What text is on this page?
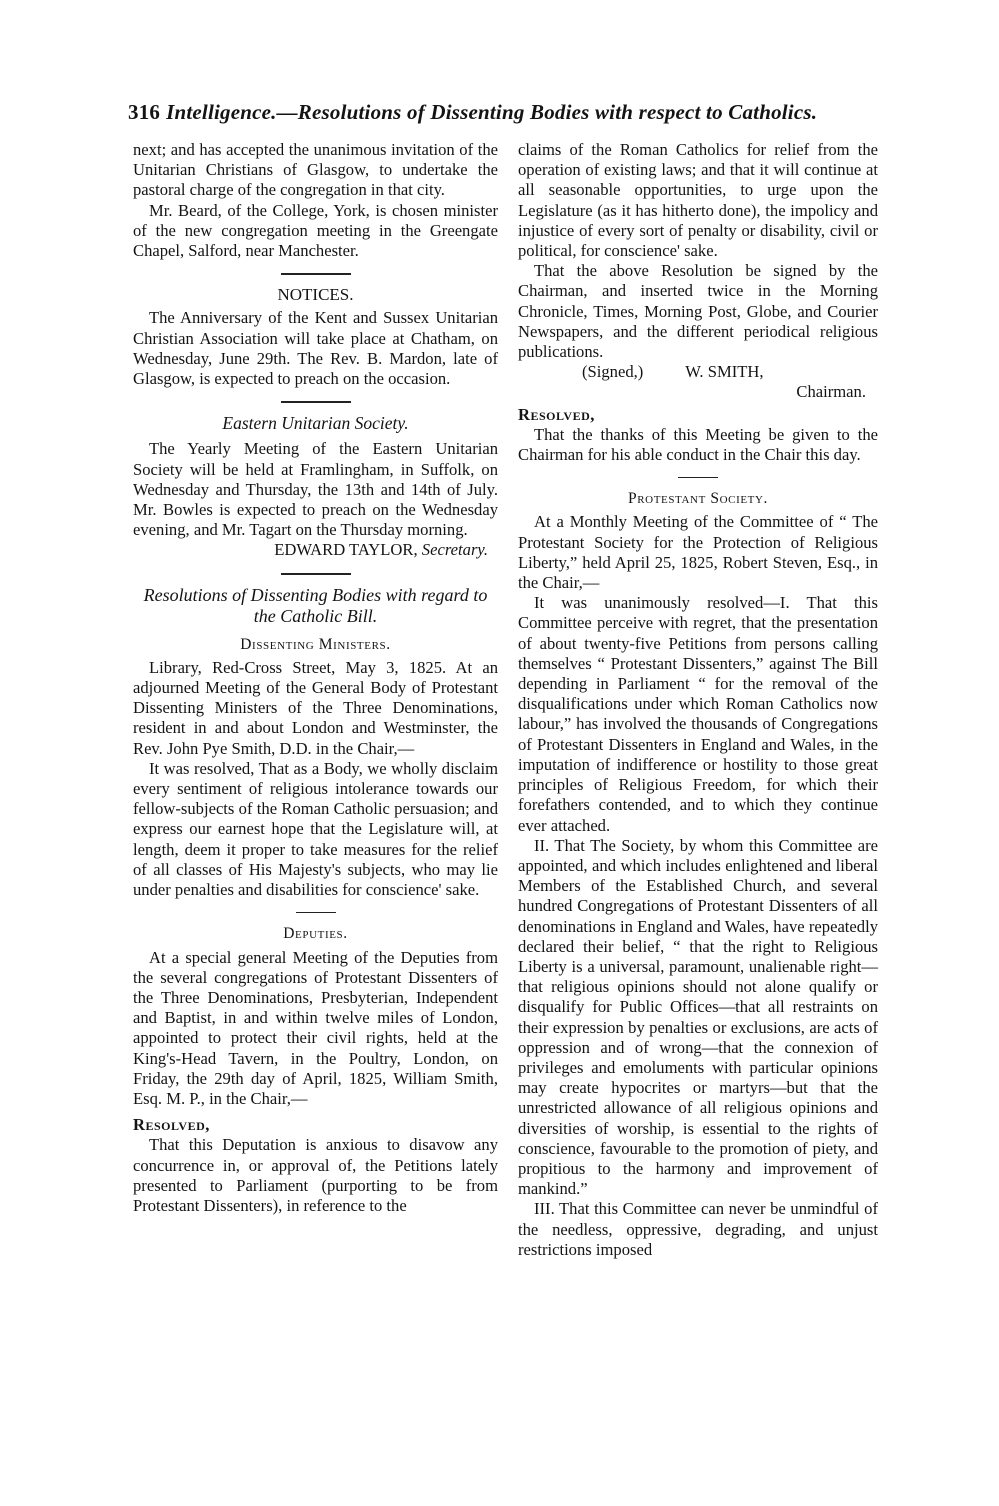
316 Intelligence.—Resolutions of Dissenting Bodies with respect to Catholics.

next; and has accepted the unanimous invitation of the Unitarian Christians of Glasgow, to undertake the pastoral charge of the congregation in that city.

Mr. Beard, of the College, York, is chosen minister of the new congregation meeting in the Greengate Chapel, Salford, near Manchester.

NOTICES.

The Anniversary of the Kent and Sussex Unitarian Christian Association will take place at Chatham, on Wednesday, June 29th. The Rev. B. Mardon, late of Glasgow, is expected to preach on the occasion.

Eastern Unitarian Society.

The Yearly Meeting of the Eastern Unitarian Society will be held at Framlingham, in Suffolk, on Wednesday and Thursday, the 13th and 14th of July. Mr. Bowles is expected to preach on the Wednesday evening, and Mr. Tagart on the Thursday morning.

EDWARD TAYLOR, Secretary.
Resolutions of Dissenting Bodies with regard to the Catholic Bill.
Dissenting Ministers.

Library, Red-Cross Street, May 3, 1825. At an adjourned Meeting of the General Body of Protestant Dissenting Ministers of the Three Denominations, resident in and about London and Westminster, the Rev. John Pye Smith, D.D. in the Chair,—

It was resolved, That as a Body, we wholly disclaim every sentiment of religious intolerance towards our fellow-subjects of the Roman Catholic persuasion; and express our earnest hope that the Legislature will, at length, deem it proper to take measures for the relief of all classes of His Majesty's subjects, who may lie under penalties and disabilities for conscience' sake.

Deputies.

At a special general Meeting of the Deputies from the several congregations of Protestant Dissenters of the Three Denominations, Presbyterian, Independent and Baptist, in and within twelve miles of London, appointed to protect their civil rights, held at the King's-Head Tavern, in the Poultry, London, on Friday, the 29th day of April, 1825, William Smith, Esq. M. P., in the Chair,—

Resolved,

That this Deputation is anxious to disavow any concurrence in, or approval of, the Petitions lately presented to Parliament (purporting to be from Protestant Dissenters), in reference to the

claims of the Roman Catholics for relief from the operation of existing laws; and that it will continue at all seasonable opportunities, to urge upon the Legislature (as it has hitherto done), the impolicy and injustice of every sort of penalty or disability, civil or political, for conscience' sake.

That the above Resolution be signed by the Chairman, and inserted twice in the Morning Chronicle, Times, Morning Post, Globe, and Courier Newspapers, and the different periodical religious publications.

(Signed,)	W. SMITH,
Chairman.
Resolved,

That the thanks of this Meeting be given to the Chairman for his able conduct in the Chair this day.

Protestant Society.

At a Monthly Meeting of the Committee of “ The Protestant Society for the Protection of Religious Liberty,” held April 25, 1825, Robert Steven, Esq., in the Chair,—

It was unanimously resolved—I. That this Committee perceive with regret, that the presentation of about twenty-five Petitions from persons calling themselves “ Protestant Dissenters,” against The Bill depending in Parliament “ for the removal of the disqualifications under which Roman Catholics now labour,” has involved the thousands of Congregations of Protestant Dissenters in England and Wales, in the imputation of indifference or hostility to those great principles of Religious Freedom, for which their forefathers contended, and to which they continue ever attached.

II. That The Society, by whom this Committee are appointed, and which includes enlightened and liberal Members of the Established Church, and several hundred Congregations of Protestant Dissenters of all denominations in England and Wales, have repeatedly declared their belief, “ that the right to Religious Liberty is a universal, paramount, unalienable right—that religious opinions should not alone qualify or disqualify for Public Offices—that all restraints on their expression by penalties or exclusions, are acts of oppression and of wrong—that the connexion of privileges and emoluments with particular opinions may create hypocrites or martyrs—but that the unrestricted allowance of all religious opinions and diversities of worship, is essential to the rights of conscience, favourable to the promotion of piety, and propitious to the harmony and improvement of mankind.”

III. That this Committee can never be unmindful of the needless, oppressive, degrading, and unjust restrictions imposed
